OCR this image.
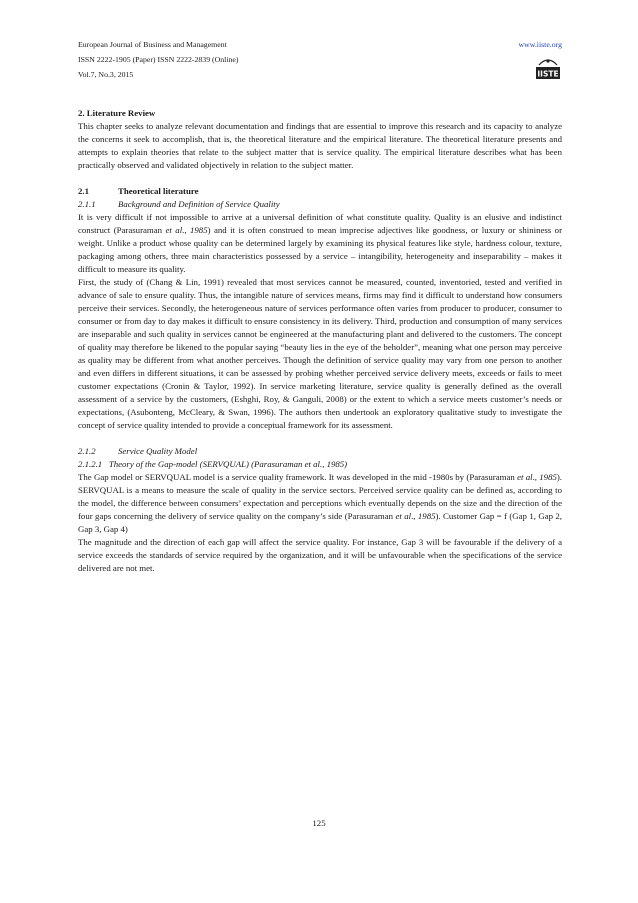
European Journal of Business and Management
ISSN 2222-1905 (Paper) ISSN 2222-2839 (Online)
Vol.7, No.3, 2015
www.iiste.org
IISTE

2. Literature Review

This chapter seeks to analyze relevant documentation and findings that are essential to improve this research and its capacity to analyze the concerns it seek to accomplish, that is, the theoretical literature and the empirical literature. The theoretical literature presents and attempts to explain theories that relate to the subject matter that is service quality. The empirical literature describes what has been practically observed and validated objectively in relation to the subject matter.

2.1	Theoretical literature

2.1.1	Background and Definition of Service Quality

It is very difficult if not impossible to arrive at a universal definition of what constitute quality. Quality is an elusive and indistinct construct (Parasuraman et al., 1985) and it is often construed to mean imprecise adjectives like goodness, or luxury or shininess or weight. Unlike a product whose quality can be determined largely by examining its physical features like style, hardness colour, texture, packaging among others, three main characteristics possessed by a service – intangibility, heterogeneity and inseparability – makes it difficult to measure its quality.

First, the study of (Chang & Lin, 1991) revealed that most services cannot be measured, counted, inventoried, tested and verified in advance of sale to ensure quality. Thus, the intangible nature of services means, firms may find it difficult to understand how consumers perceive their services. Secondly, the heterogeneous nature of services performance often varies from producer to producer, consumer to consumer or from day to day makes it difficult to ensure consistency in its delivery. Third, production and consumption of many services are inseparable and such quality in services cannot be engineered at the manufacturing plant and delivered to the customers. The concept of quality may therefore be likened to the popular saying “beauty lies in the eye of the beholder”, meaning what one person may perceive as quality may be different from what another perceives. Though the definition of service quality may vary from one person to another and even differs in different situations, it can be assessed by probing whether perceived service delivery meets, exceeds or fails to meet customer expectations (Cronin & Taylor, 1992). In service marketing literature, service quality is generally defined as the overall assessment of a service by the customers, (Eshghi, Roy, & Ganguli, 2008) or the extent to which a service meets customer’s needs or expectations, (Asubonteng, McCleary, & Swan, 1996). The authors then undertook an exploratory qualitative study to investigate the concept of service quality intended to provide a conceptual framework for its assessment.

2.1.2	Service Quality Model

2.1.2.1 Theory of the Gap-model (SERVQUAL) (Parasuraman et al., 1985)

The Gap model or SERVQUAL model is a service quality framework. It was developed in the mid -1980s by (Parasuraman et al., 1985). SERVQUAL is a means to measure the scale of quality in the service sectors. Perceived service quality can be defined as, according to the model, the difference between consumers’ expectation and perceptions which eventually depends on the size and the direction of the four gaps concerning the delivery of service quality on the company’s side (Parasuraman et al., 1985). Customer Gap = f (Gap 1, Gap 2, Gap 3, Gap 4)

The magnitude and the direction of each gap will affect the service quality. For instance, Gap 3 will be favourable if the delivery of a service exceeds the standards of service required by the organization, and it will be unfavourable when the specifications of the service delivered are not met.

125
